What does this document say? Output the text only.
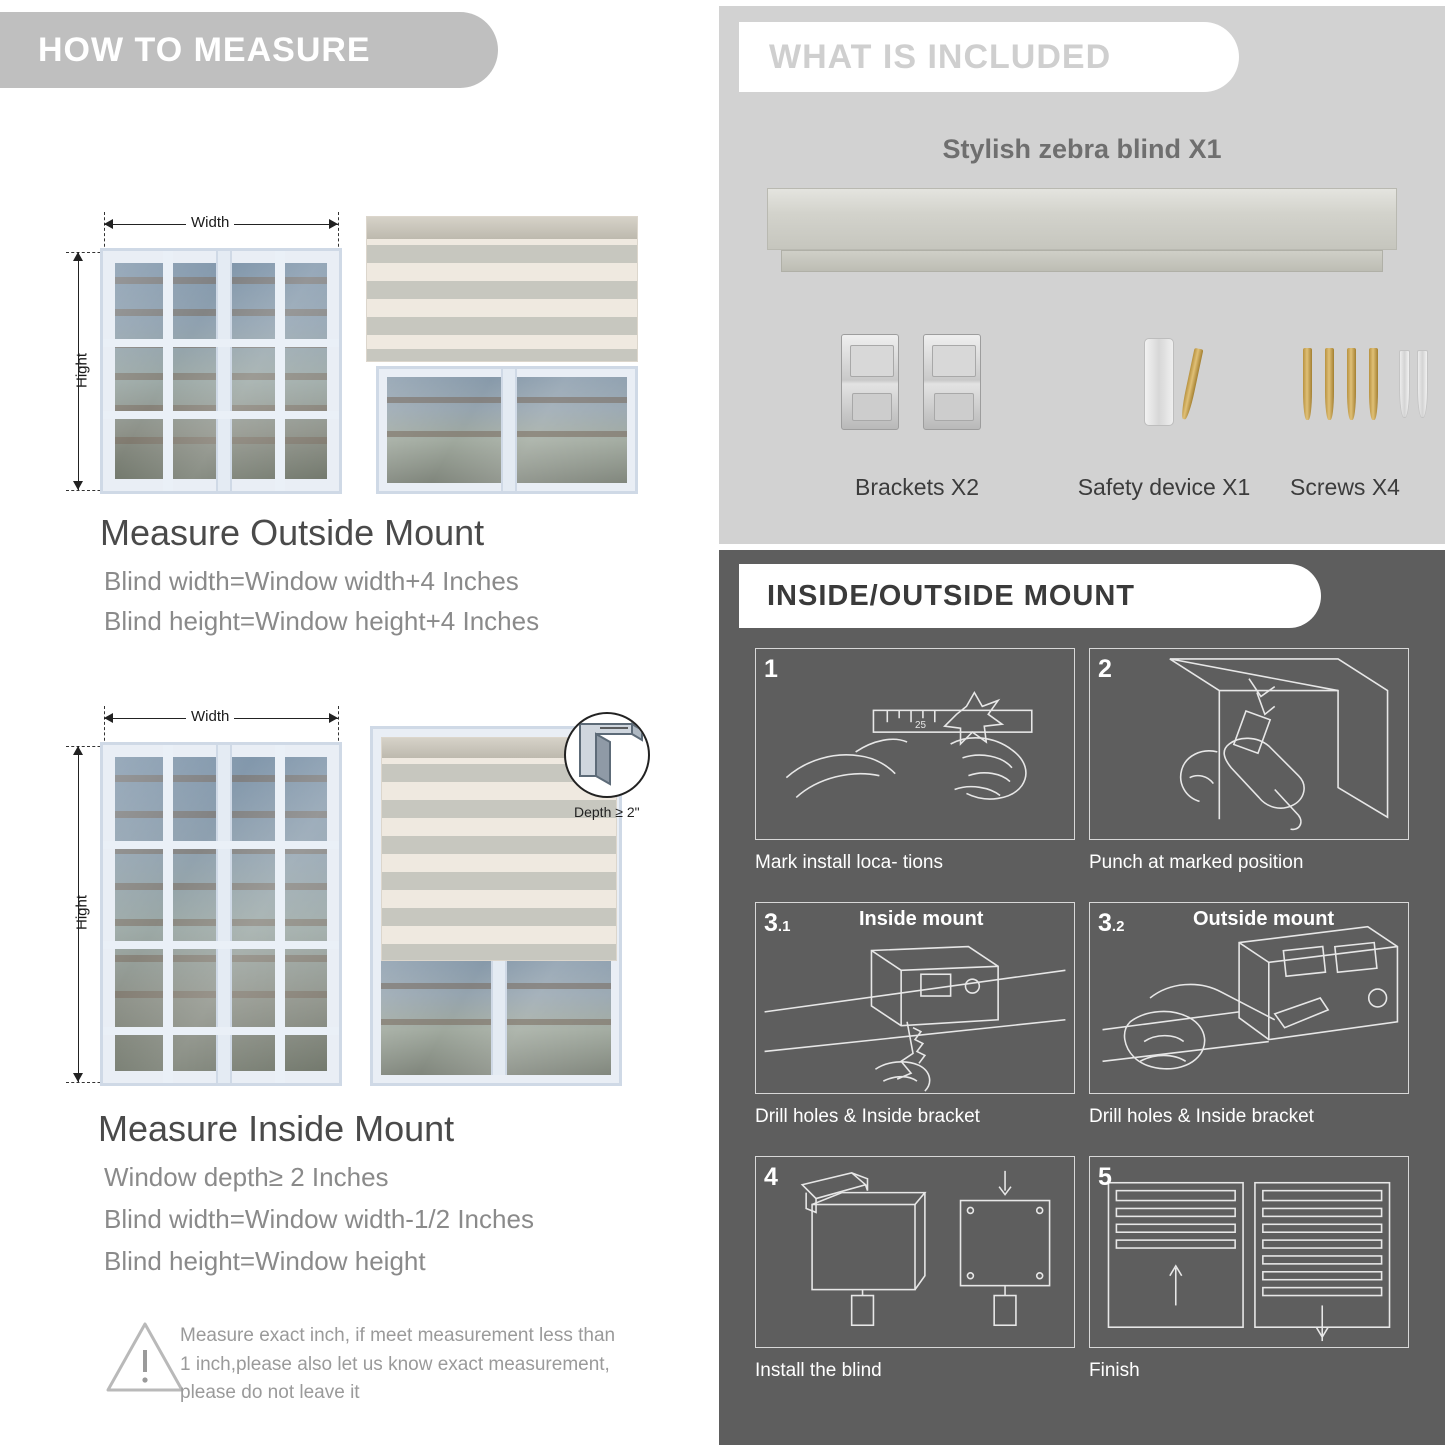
HOW TO MEASURE
Width
Hight
Measure Outside Mount
Blind width=Window width+4 Inches
Blind height=Window height+4 Inches
Width
Hight
Depth ≥ 2"
Measure Inside Mount
Window depth≥ 2 Inches
Blind width=Window width-1/2 Inches
Blind height=Window height
Measure exact inch, if meet measurement less than 1 inch,please also let us know exact measurement, please do not leave it
WHAT IS INCLUDED
Stylish zebra blind X1
Brackets X2	Safety device X1	Screws X4
INSIDE/OUTSIDE MOUNT
25
1
Mark install loca- tions
2
Punch at marked position
3.1	Inside mount
Drill holes & Inside bracket
3.2	Outside mount
Drill holes & Inside bracket
4
Install the blind
5
Finish
